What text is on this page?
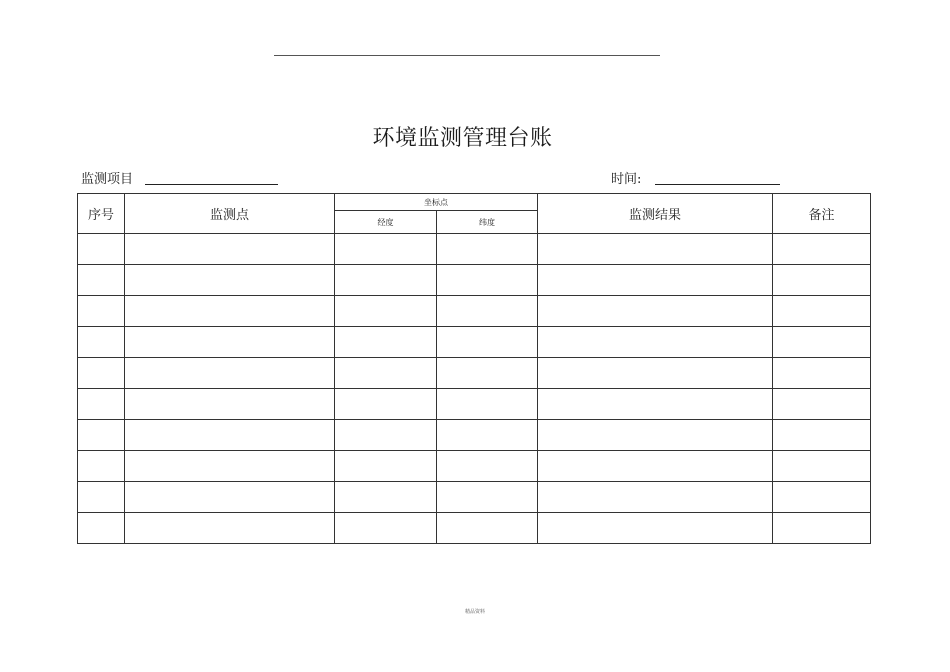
环境监测管理台账
监测项目	时间:
序号	监测点	坐标点		监测结果	备注
		经度	纬度		

精品资料
